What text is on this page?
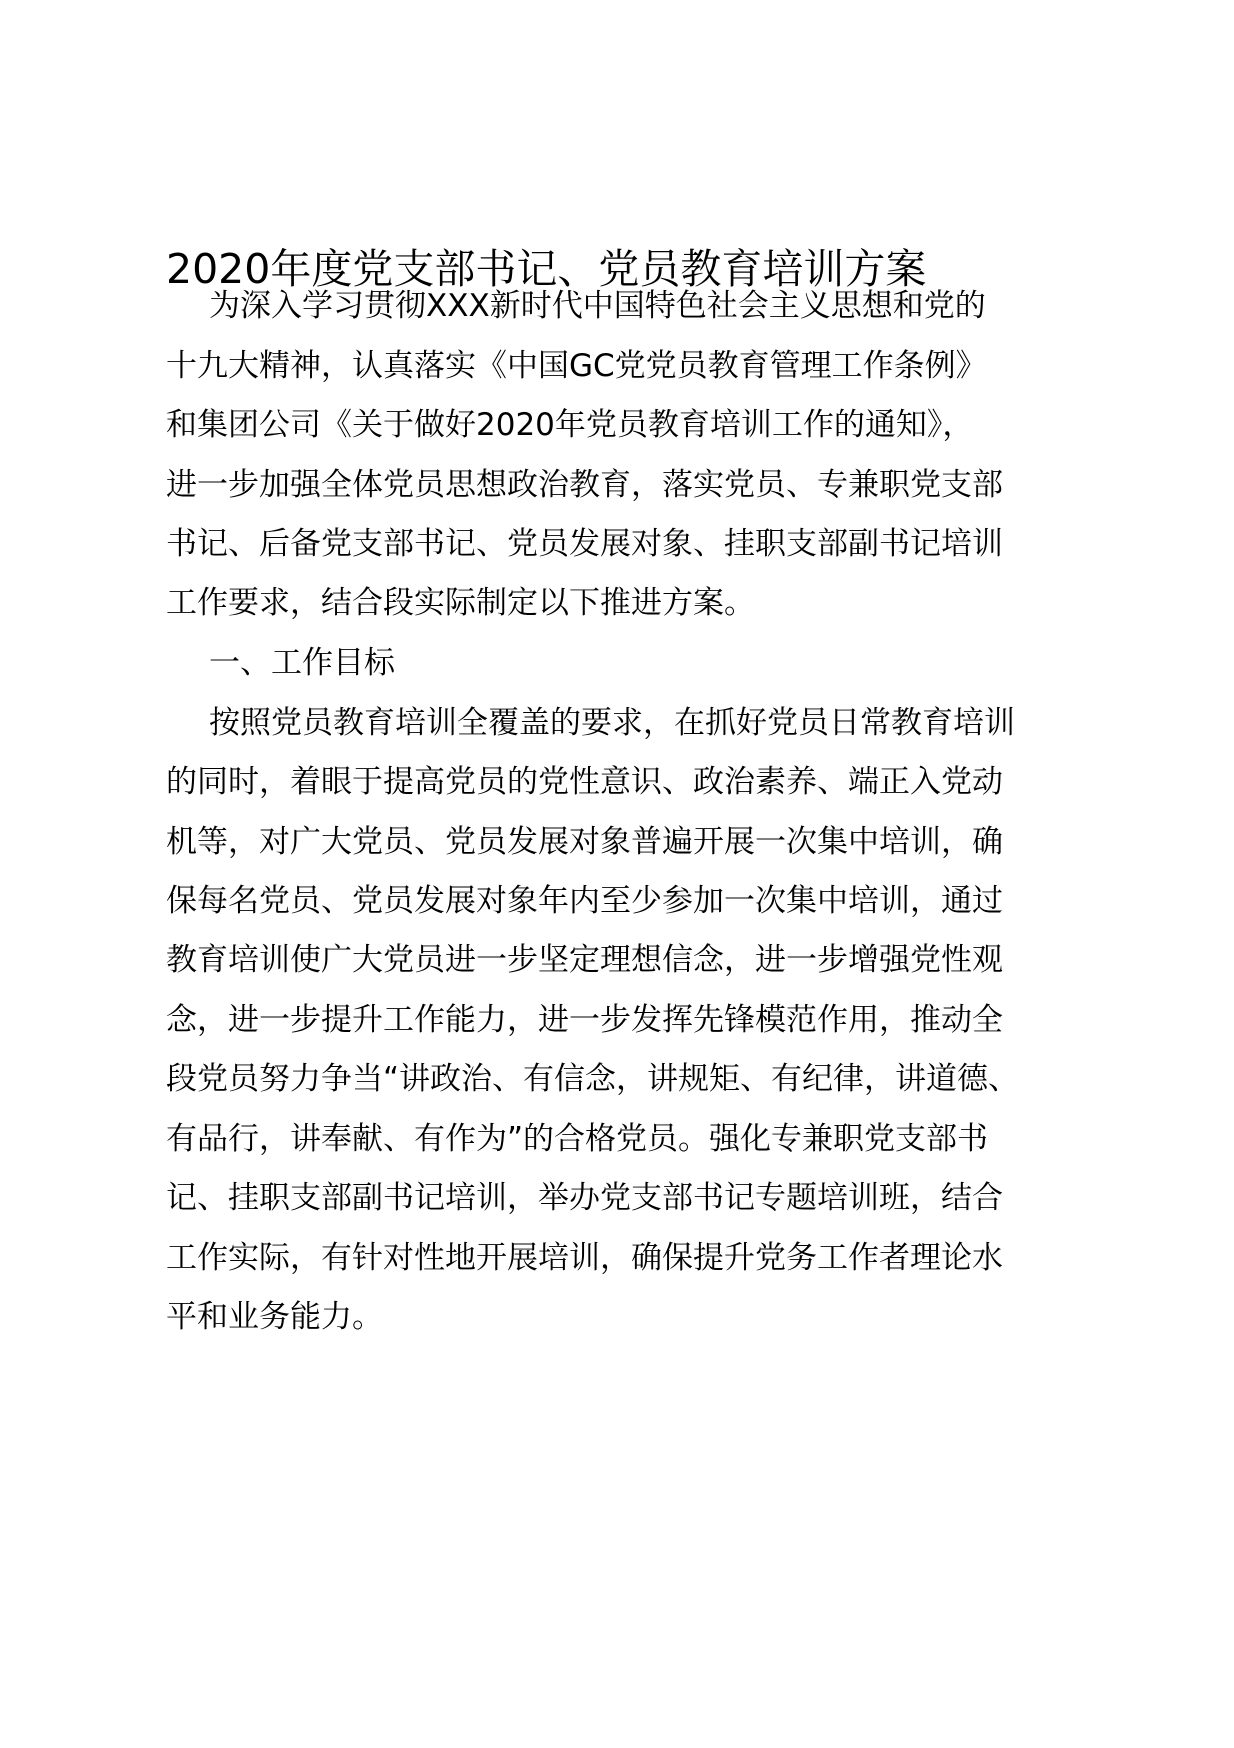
2020年度党支部书记、党员教育培训方案
为深入学习贯彻XXX新时代中国特色社会主义思想和党的
十九大精神，认真落实《中国GC党党员教育管理工作条例》
和集团公司《关于做好2020年党员教育培训工作的通知》，
进一步加强全体党员思想政治教育，落实党员、专兼职党支部
书记、后备党支部书记、党员发展对象、挂职支部副书记培训
工作要求，结合段实际制定以下推进方案。
一、工作目标
按照党员教育培训全覆盖的要求，在抓好党员日常教育培训
的同时，着眼于提高党员的党性意识、政治素养、端正入党动
机等，对广大党员、党员发展对象普遍开展一次集中培训，确
保每名党员、党员发展对象年内至少参加一次集中培训，通过
教育培训使广大党员进一步坚定理想信念，进一步增强党性观
念，进一步提升工作能力，进一步发挥先锋模范作用，推动全
段党员努力争当“讲政治、有信念，讲规矩、有纪律，讲道德、
有品行，讲奉献、有作为”的合格党员。强化专兼职党支部书
记、挂职支部副书记培训，举办党支部书记专题培训班，结合
工作实际，有针对性地开展培训，确保提升党务工作者理论水
平和业务能力。
